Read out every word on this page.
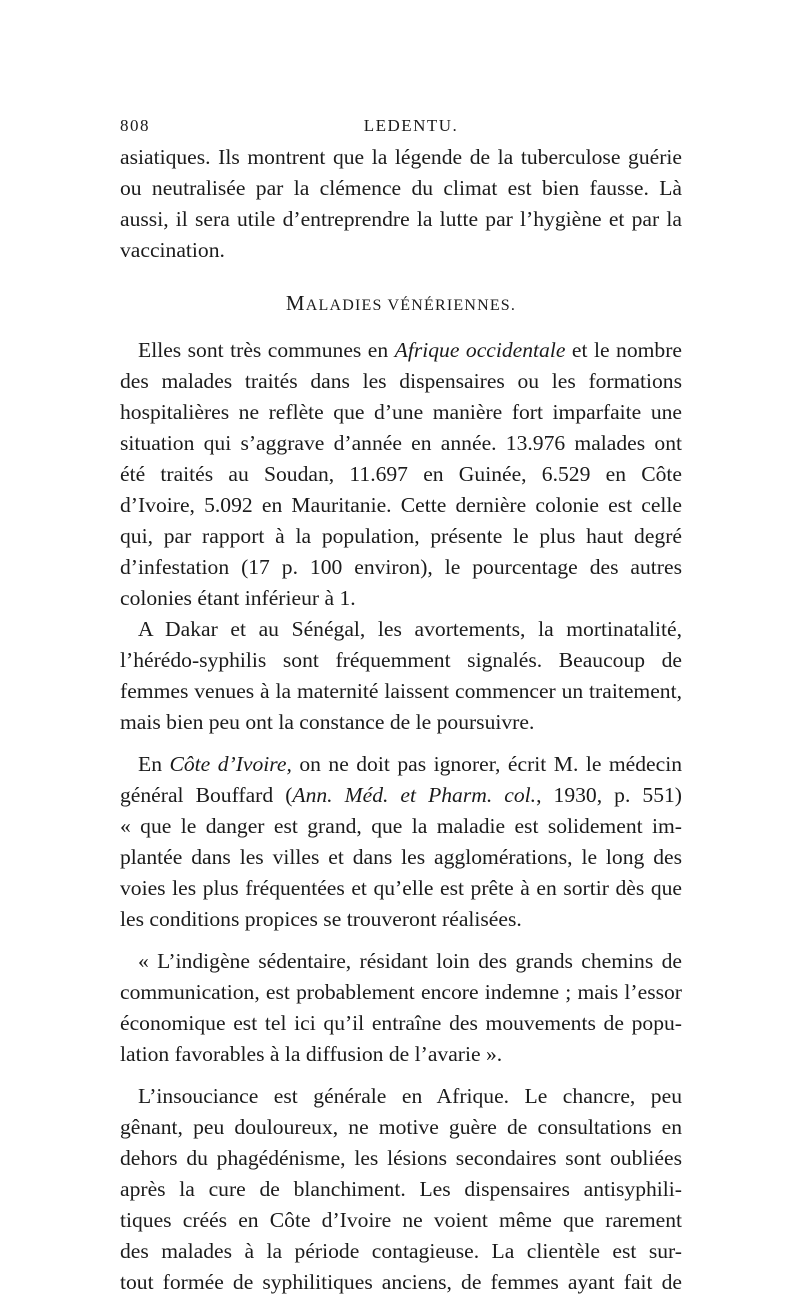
808	LEDENTU.
asiatiques. Ils montrent que la légende de la tuberculose guérie
ou neutralisée par la clémence du climat est bien fausse. Là
aussi, il sera utile d’entreprendre la lutte par l’hygiène et par la
vaccination.
MALADIES VÉNÉRIENNES.
Elles sont très communes en Afrique occidentale et le nombre
des malades traités dans les dispensaires ou les formations
hospitalières ne reflète que d’une manière fort imparfaite une
situation qui s’aggrave d’année en année. 13.976 malades ont
été traités au Soudan, 11.697 en Guinée, 6.529 en Côte
d’Ivoire, 5.092 en Mauritanie. Cette dernière colonie est celle
qui, par rapport à la population, présente le plus haut degré
d’infestation (17 p. 100 environ), le pourcentage des autres
colonies étant inférieur à 1.
A Dakar et au Sénégal, les avortements, la mortinatalité,
l’hérédo-syphilis sont fréquemment signalés. Beaucoup de
femmes venues à la maternité laissent commencer un traitement,
mais bien peu ont la constance de le poursuivre.
En Côte d’Ivoire, on ne doit pas ignorer, écrit M. le médecin
général Bouffard (Ann. Méd. et Pharm. col., 1930, p. 551)
« que le danger est grand, que la maladie est solidement im-
plantée dans les villes et dans les agglomérations, le long des
voies les plus fréquentées et qu’elle est prête à en sortir dès que
les conditions propices se trouveront réalisées.
« L’indigène sédentaire, résidant loin des grands chemins de
communication, est probablement encore indemne ; mais l’essor
économique est tel ici qu’il entraîne des mouvements de popu-
lation favorables à la diffusion de l’avarie ».
L’insouciance est générale en Afrique. Le chancre, peu
gênant, peu douloureux, ne motive guère de consultations en
dehors du phagédénisme, les lésions secondaires sont oubliées
après la cure de blanchiment. Les dispensaires antisyphili-
tiques créés en Côte d’Ivoire ne voient même que rarement
des malades à la période contagieuse. La clientèle est sur-
tout formée de syphilitiques anciens, de femmes ayant fait de
